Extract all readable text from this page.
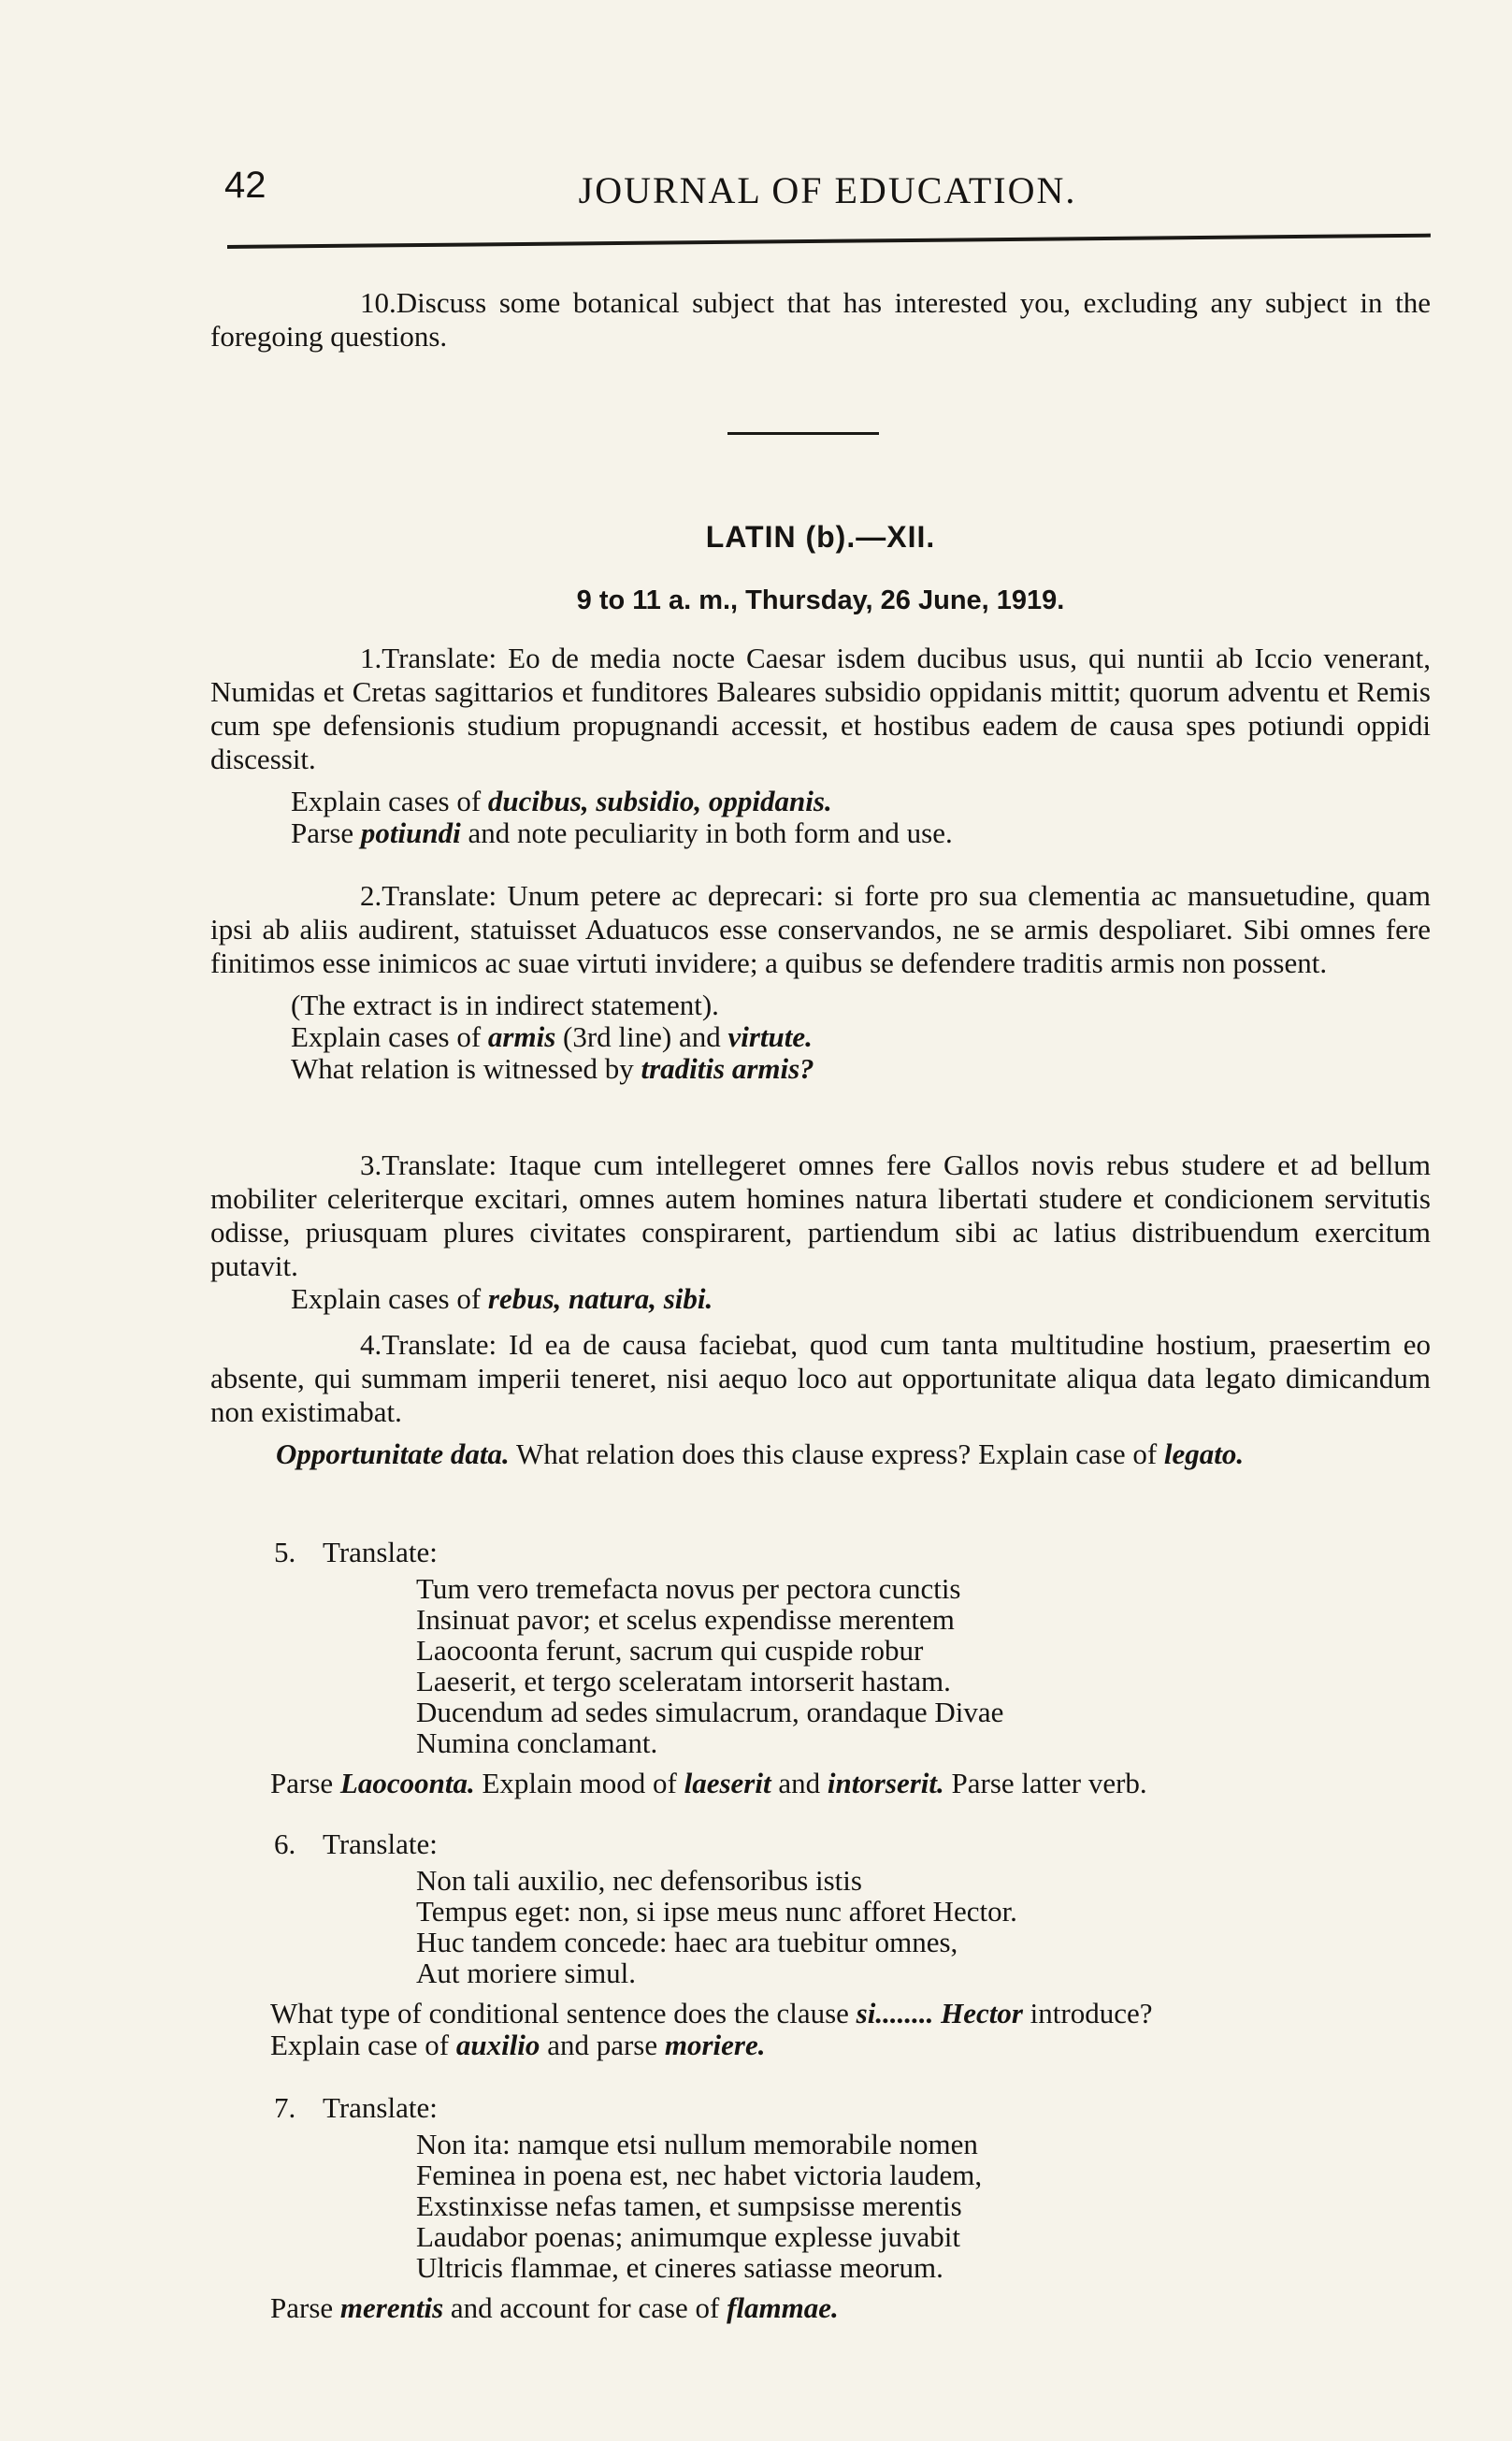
42	JOURNAL OF EDUCATION.

10.Discuss some botanical subject that has interested you, excluding any subject in the foregoing questions.

LATIN (b).—XII.
9 to 11 a. m., Thursday, 26 June, 1919.

1.Translate: Eo de media nocte Caesar isdem ducibus usus, qui nuntii ab Iccio venerant, Numidas et Cretas sagittarios et funditores Baleares subsidio oppidanis mittit; quorum adventu et Remis cum spe defensionis studium propugnandi accessit, et hostibus eadem de causa spes potiundi oppidi discessit.

Explain cases of ducibus, subsidio, oppidanis.
Parse potiundi and note peculiarity in both form and use.

2.Translate: Unum petere ac deprecari: si forte pro sua clementia ac mansuetudine, quam ipsi ab aliis audirent, statuisset Aduatucos esse conservandos, ne se armis despoliaret. Sibi omnes fere finitimos esse inimicos ac suae virtuti invidere; a quibus se defendere traditis armis non possent.

(The extract is in indirect statement).
Explain cases of armis (3rd line) and virtute.
What relation is witnessed by traditis armis?

3.Translate: Itaque cum intellegeret omnes fere Gallos novis rebus studere et ad bellum mobiliter celeriterque excitari, omnes autem homines natura libertati studere et condicionem servitutis odisse, priusquam plures civitates conspirarent, partiendum sibi ac latius distribuendum exercitum putavit.

Explain cases of rebus, natura, sibi.

4.Translate: Id ea de causa faciebat, quod cum tanta multitudine hostium, praesertim eo absente, qui summam imperii teneret, nisi aequo loco aut opportunitate aliqua data legato dimicandum non existimabat.

Opportunitate data. What relation does this clause express? Explain case of legato.
5. Translate:
Tum vero tremefacta novus per pectora cunctis
Insinuat pavor; et scelus expendisse merentem
Laocoonta ferunt, sacrum qui cuspide robur
Laeserit, et tergo sceleratam intorserit hastam.
Ducendum ad sedes simulacrum, orandaque Divae
Numina conclamant.
Parse Laocoonta. Explain mood of laeserit and intorserit. Parse latter verb.
6. Translate:
Non tali auxilio, nec defensoribus istis
Tempus eget: non, si ipse meus nunc afforet Hector.
Huc tandem concede: haec ara tuebitur omnes,
Aut moriere simul.
What type of conditional sentence does the clause si........ Hector introduce?
Explain case of auxilio and parse moriere.
7. Translate:
Non ita: namque etsi nullum memorabile nomen
Feminea in poena est, nec habet victoria laudem,
Exstinxisse nefas tamen, et sumpsisse merentis
Laudabor poenas; animumque explesse juvabit
Ultricis flammae, et cineres satiasse meorum.
Parse merentis and account for case of flammae.
